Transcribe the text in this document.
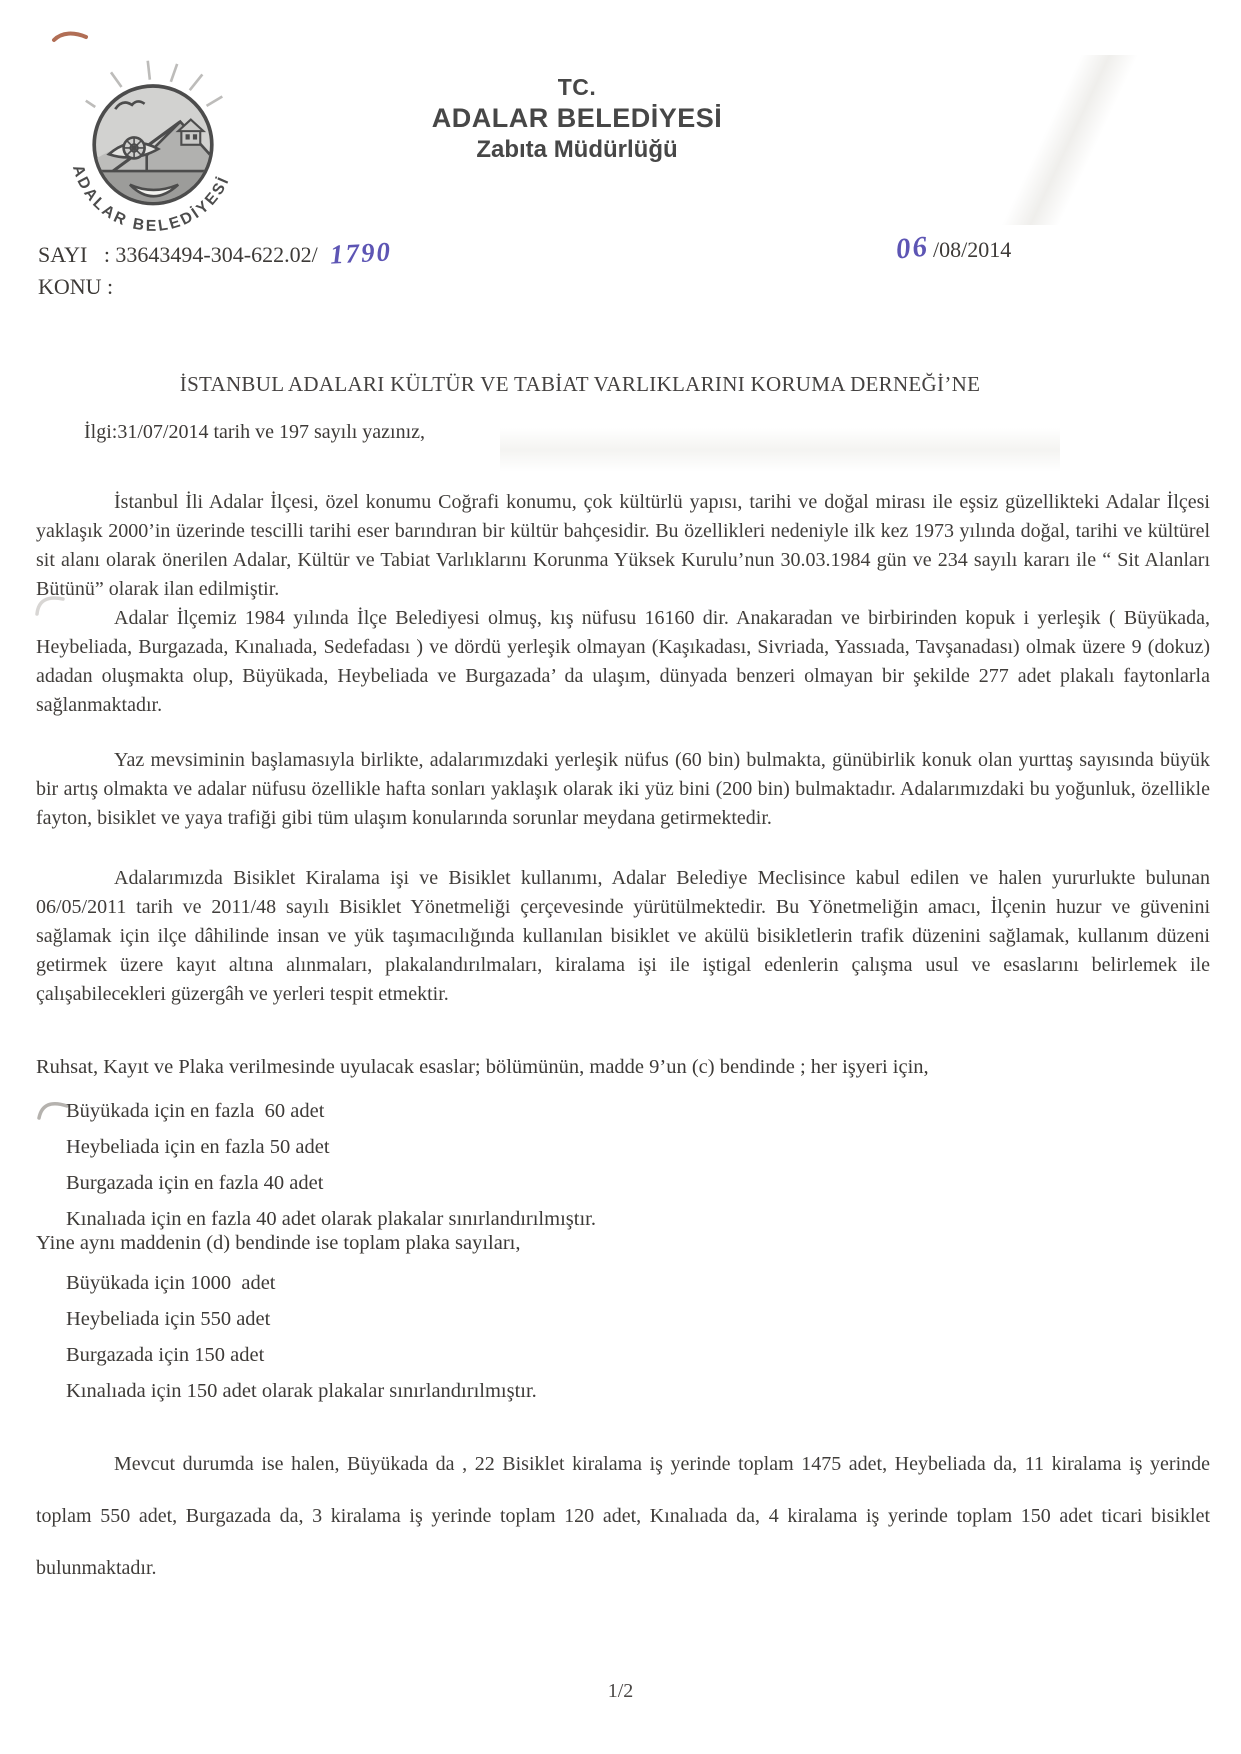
ADALAR BELEDİYESİ
TC.
ADALAR BELEDİYESİ
Zabıta Müdürlüğü
SAYI   : 33643494-304-622.02/ 1790	06 /08/2014
KONU :
İSTANBUL ADALARI KÜLTÜR VE TABİAT VARLIKLARINI KORUMA DERNEĞİ’NE
İlgi:31/07/2014 tarih ve 197 sayılı yazınız,

İstanbul İli Adalar İlçesi, özel konumu Coğrafi konumu, çok kültürlü yapısı, tarihi ve doğal mirası ile eşsiz güzellikteki Adalar İlçesi yaklaşık 2000’in üzerinde tescilli tarihi eser barındıran bir kültür bahçesidir. Bu özellikleri nedeniyle ilk kez 1973 yılında doğal, tarihi ve kültürel sit alanı olarak önerilen Adalar, Kültür ve Tabiat Varlıklarını Korunma Yüksek Kurulu’nun 30.03.1984 gün ve 234 sayılı kararı ile “ Sit Alanları Bütünü” olarak ilan edilmiştir.

Adalar İlçemiz 1984 yılında İlçe Belediyesi olmuş, kış nüfusu 16160 dir. Anakaradan ve birbirinden kopuk i yerleşik ( Büyükada, Heybeliada, Burgazada, Kınalıada, Sedefadası ) ve dördü yerleşik olmayan (Kaşıkadası, Sivriada, Yassıada, Tavşanadası) olmak üzere 9 (dokuz) adadan oluşmakta olup, Büyükada, Heybeliada ve Burgazada’ da ulaşım, dünyada benzeri olmayan bir şekilde 277 adet plakalı faytonlarla sağlanmaktadır.

Yaz mevsiminin başlamasıyla birlikte, adalarımızdaki yerleşik nüfus (60 bin) bulmakta, günübirlik konuk olan yurttaş sayısında büyük bir artış olmakta ve adalar nüfusu özellikle hafta sonları yaklaşık olarak iki yüz bini (200 bin) bulmaktadır. Adalarımızdaki bu yoğunluk, özellikle fayton, bisiklet ve yaya trafiği gibi tüm ulaşım konularında sorunlar meydana getirmektedir.

Adalarımızda Bisiklet Kiralama işi ve Bisiklet kullanımı, Adalar Belediye Meclisince kabul edilen ve halen yururlukte bulunan 06/05/2011 tarih ve 2011/48 sayılı Bisiklet Yönetmeliği çerçevesinde yürütülmektedir. Bu Yönetmeliğin amacı, İlçenin huzur ve güvenini sağlamak için ilçe dâhilinde insan ve yük taşımacılığında kullanılan bisiklet ve akülü bisikletlerin trafik düzenini sağlamak, kullanım düzeni getirmek üzere kayıt altına alınmaları, plakalandırılmaları, kiralama işi ile iştigal edenlerin çalışma usul ve esaslarını belirlemek ile çalışabilecekleri güzergâh ve yerleri tespit etmektir.

Ruhsat, Kayıt ve Plaka verilmesinde uyulacak esaslar; bölümünün, madde 9’un (c) bendinde ; her işyeri için,
Büyükada için en fazla  60 adet
Heybeliada için en fazla 50 adet
Burgazada için en fazla 40 adet
Kınalıada için en fazla 40 adet olarak plakalar sınırlandırılmıştır.
Yine aynı maddenin (d) bendinde ise toplam plaka sayıları,
Büyükada için 1000  adet
Heybeliada için 550 adet
Burgazada için 150 adet
Kınalıada için 150 adet olarak plakalar sınırlandırılmıştır.

Mevcut durumda ise halen, Büyükada da , 22 Bisiklet kiralama iş yerinde toplam 1475 adet, Heybeliada da, 11 kiralama iş yerinde toplam 550 adet, Burgazada da, 3 kiralama iş yerinde toplam 120 adet, Kınalıada da, 4 kiralama iş yerinde toplam 150 adet ticari bisiklet bulunmaktadır.

1/2
